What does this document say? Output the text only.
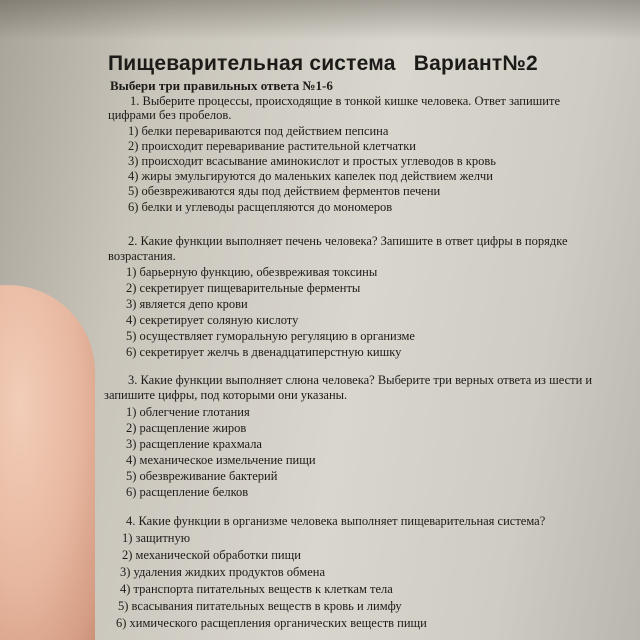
Пищеварительная система   Вариант№2
Выбери три правильных ответа №1-6
1. Выберите процессы, происходящие в тонкой кишке человека. Ответ запишите
цифрами без пробелов.
1) белки перевариваются под действием пепсина
2) происходит переваривание растительной клетчатки
3) происходит всасывание аминокислот и простых углеводов в кровь
4) жиры эмульгируются до маленьких капелек под действием желчи
5) обезвреживаются яды под действием ферментов печени
6) белки и углеводы расщепляются до мономеров
2. Какие функции выполняет печень человека? Запишите в ответ цифры в порядке
возрастания.
1) барьерную функцию, обезвреживая токсины
2) секретирует пищеварительные ферменты
3) является депо крови
4) секретирует соляную кислоту
5) осуществляет гуморальную регуляцию в организме
6) секретирует желчь в двенадцатиперстную кишку
3. Какие функции выполняет слюна человека? Выберите три верных ответа из шести и
запишите цифры, под которыми они указаны.
1) облегчение глотания
2) расщепление жиров
3) расщепление крахмала
4) механическое измельчение пищи
5) обезвреживание бактерий
6) расщепление белков
4. Какие функции в организме человека выполняет пищеварительная система?
1) защитную
2) механической обработки пищи
3) удаления жидких продуктов обмена
4) транспорта питательных веществ к клеткам тела
5) всасывания питательных веществ в кровь и лимфу
6) химического расщепления органических веществ пищи
